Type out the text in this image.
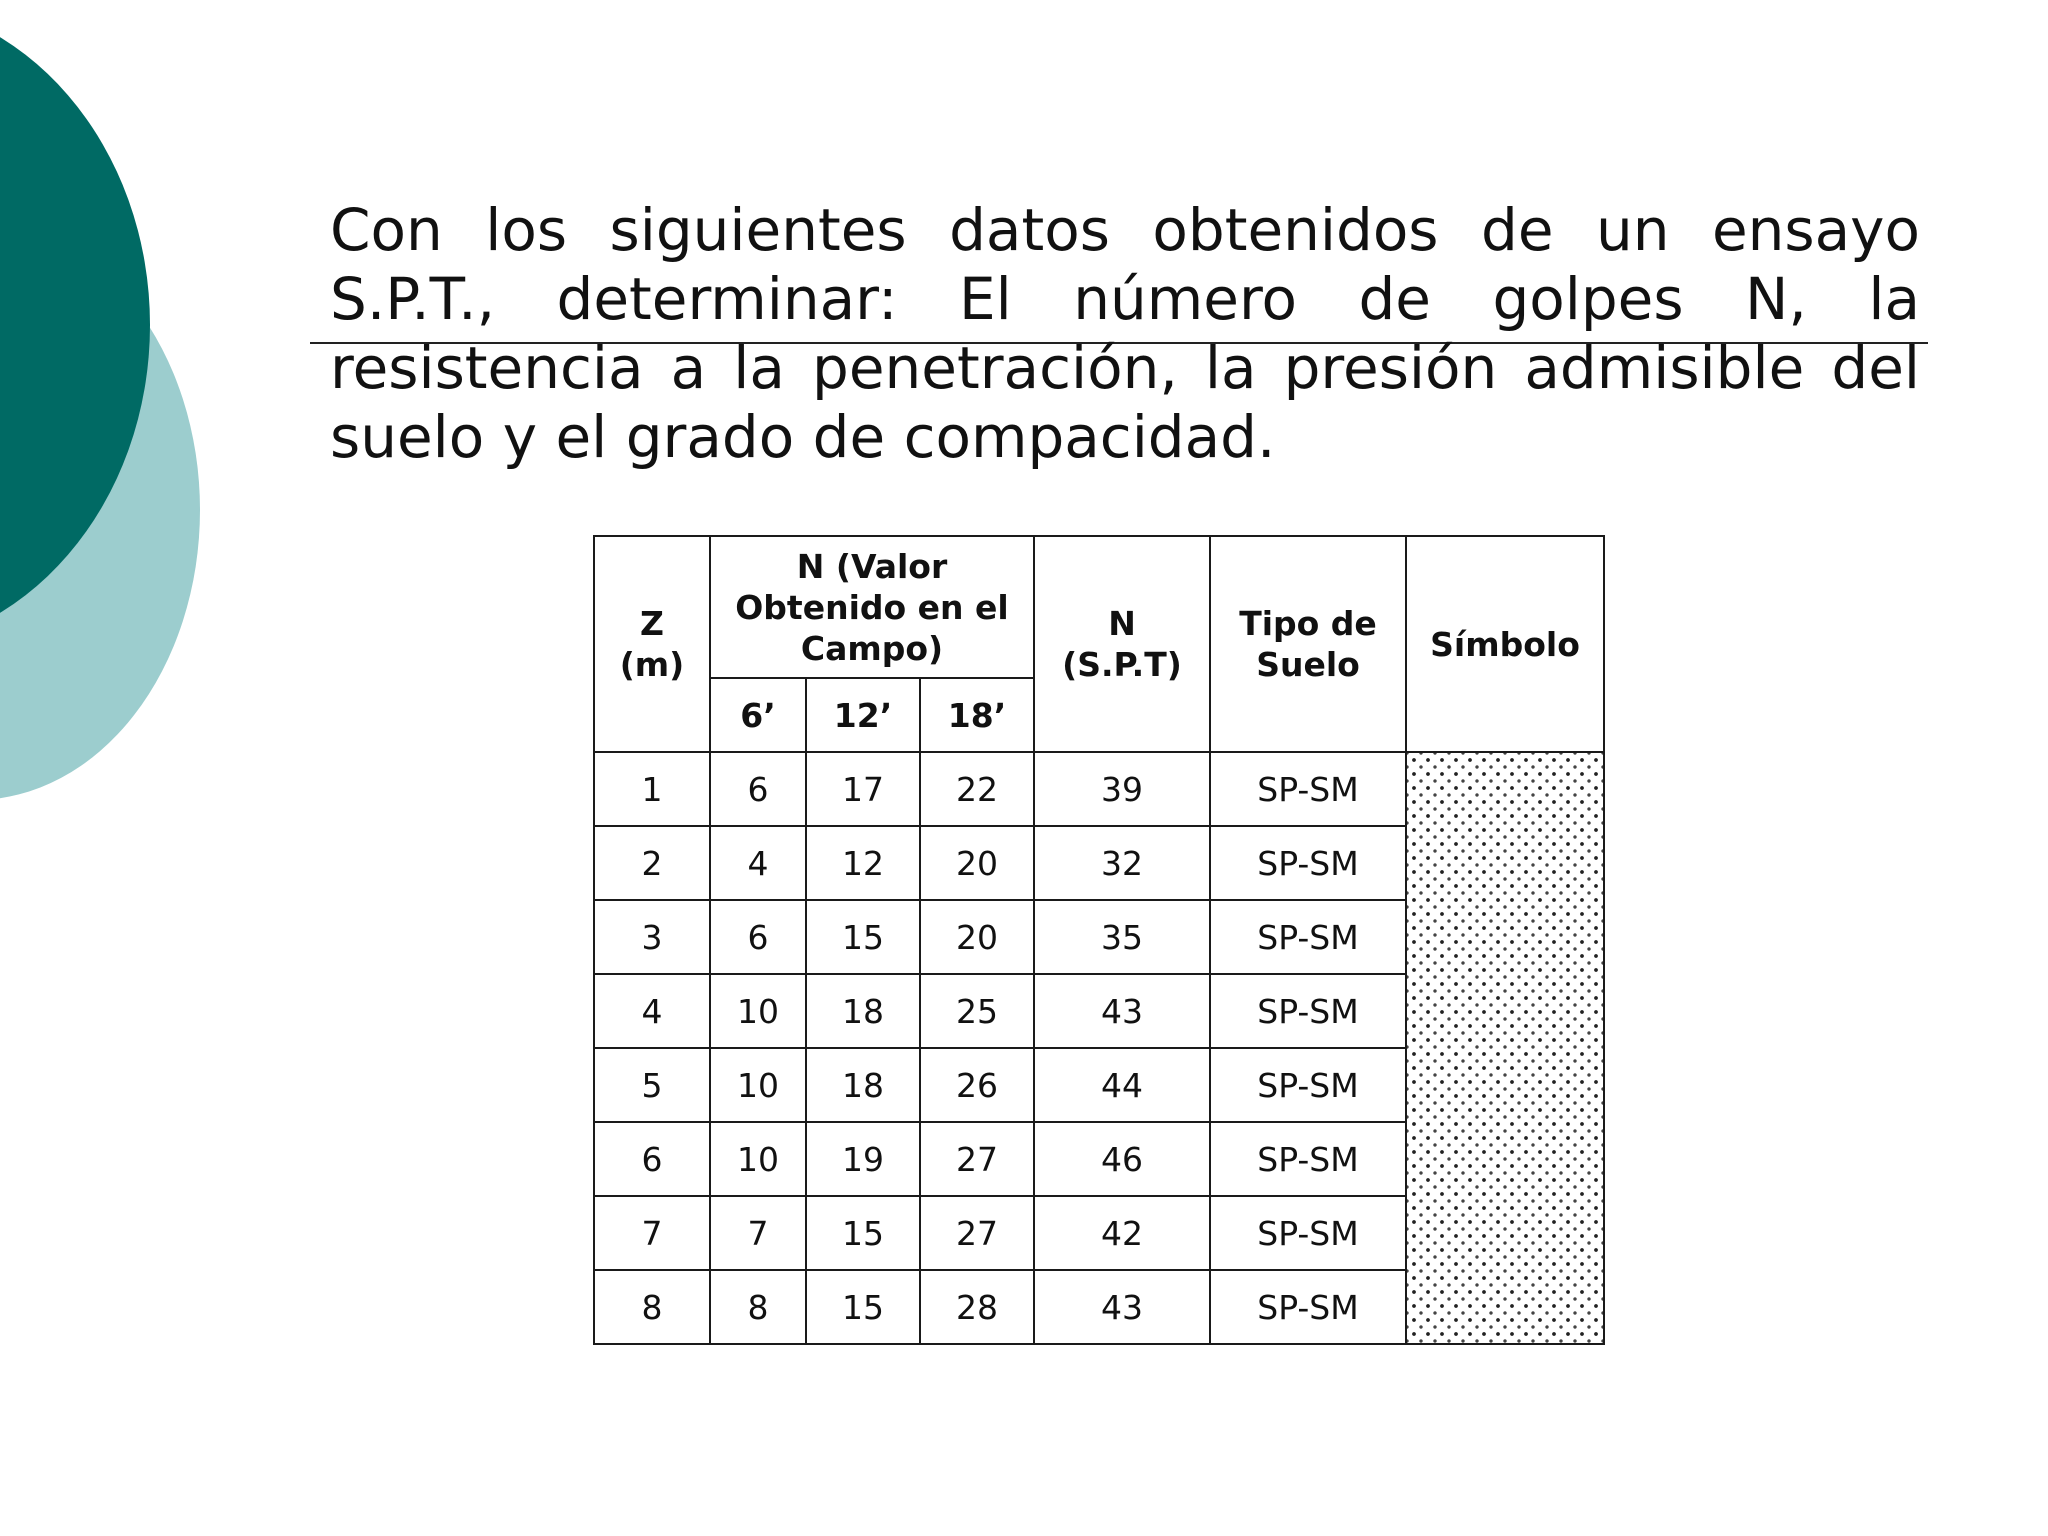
Con los siguientes datos obtenidos de un ensayo S.P.T., determinar: El número de golpes N, la resistencia a la penetración, la presión admisible del suelo y el grado de compacidad.

Z (m)	N (Valor Obtenido en el Campo)			N (S.P.T)	Tipo de Suelo	Símbolo
	6’	12’	18’			
1	6	17	22	39	SP-SM	
2	4	12	20	32	SP-SM	
3	6	15	20	35	SP-SM	
4	10	18	25	43	SP-SM	
5	10	18	26	44	SP-SM	
6	10	19	27	46	SP-SM	
7	7	15	27	42	SP-SM	
8	8	15	28	43	SP-SM	
